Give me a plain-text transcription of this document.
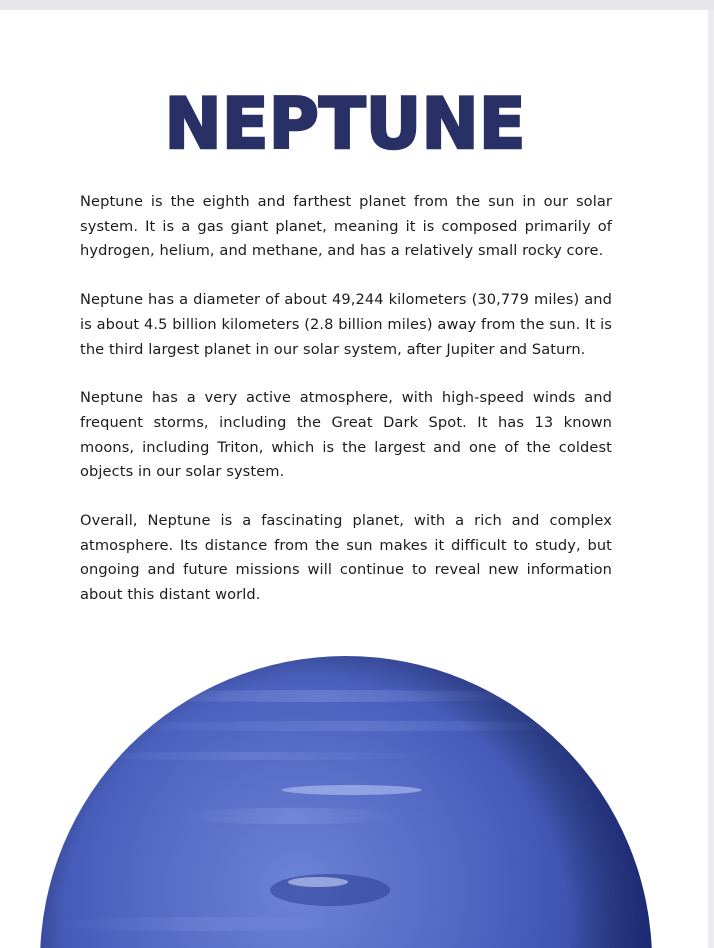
NEPTUNE

Neptune is the eighth and farthest planet from the sun in our solar system. It is a gas giant planet, meaning it is composed primarily of hydrogen, helium, and methane, and has a relatively small rocky core.

Neptune has a diameter of about 49,244 kilometers (30,779 miles) and is about 4.5 billion kilometers (2.8 billion miles) away from the sun. It is the third largest planet in our solar system, after Jupiter and Saturn.

Neptune has a very active atmosphere, with high-speed winds and frequent storms, including the Great Dark Spot. It has 13 known moons, including Triton, which is the largest and one of the coldest objects in our solar system.

Overall, Neptune is a fascinating planet, with a rich and complex atmosphere. Its distance from the sun makes it difficult to study, but ongoing and future missions will continue to reveal new information about this distant world.
